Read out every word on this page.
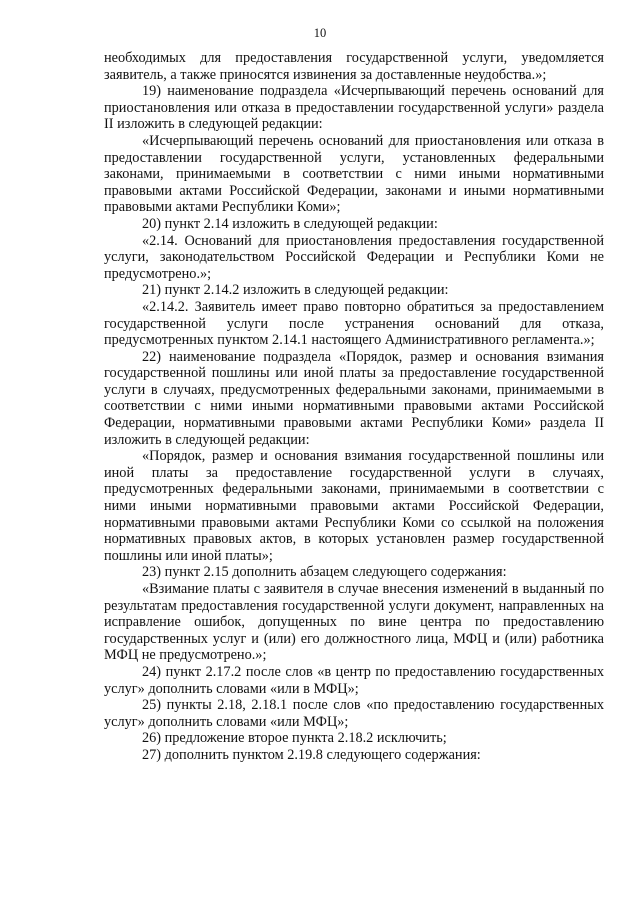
10

необходимых для предоставления государственной услуги, уведомляется заявитель, а также приносятся извинения за доставленные неудобства.»;

19) наименование подраздела «Исчерпывающий перечень оснований для приостановления или отказа в предоставлении государственной услуги» раздела II изложить в следующей редакции:

«Исчерпывающий перечень оснований для приостановления или отказа в предоставлении государственной услуги, установленных федеральными законами, принимаемыми в соответствии с ними иными нормативными правовыми актами Российской Федерации, законами и иными нормативными правовыми актами Республики Коми»;

20) пункт 2.14 изложить в следующей редакции:

«2.14. Оснований для приостановления предоставления государственной услуги, законодательством Российской Федерации и Республики Коми не предусмотрено.»;

21) пункт 2.14.2 изложить в следующей редакции:

«2.14.2. Заявитель имеет право повторно обратиться за предоставлением государственной услуги после устранения оснований для отказа, предусмотренных пунктом 2.14.1 настоящего Административного регламента.»;

22) наименование подраздела «Порядок, размер и основания взимания государственной пошлины или иной платы за предоставление государственной услуги в случаях, предусмотренных федеральными законами, принимаемыми в соответствии с ними иными нормативными правовыми актами Российской Федерации, нормативными правовыми актами Республики Коми» раздела II изложить в следующей редакции:

«Порядок, размер и основания взимания государственной пошлины или иной платы за предоставление государственной услуги в случаях, предусмотренных федеральными законами, принимаемыми в соответствии с ними иными нормативными правовыми актами Российской Федерации, нормативными правовыми актами Республики Коми со ссылкой на положения нормативных правовых актов, в которых установлен размер государственной пошлины или иной платы»;

23) пункт 2.15 дополнить абзацем следующего содержания:

«Взимание платы с заявителя в случае внесения изменений в выданный по результатам предоставления государственной услуги документ, направленных на исправление ошибок, допущенных по вине центра по предоставлению государственных услуг и (или) его должностного лица, МФЦ и (или) работника МФЦ не предусмотрено.»;

24) пункт 2.17.2 после слов «в центр по предоставлению государственных услуг» дополнить словами «или в МФЦ»;

25) пункты 2.18, 2.18.1 после слов «по предоставлению государственных услуг» дополнить словами «или МФЦ»;

26) предложение второе пункта 2.18.2 исключить;

27) дополнить пунктом 2.19.8 следующего содержания:
